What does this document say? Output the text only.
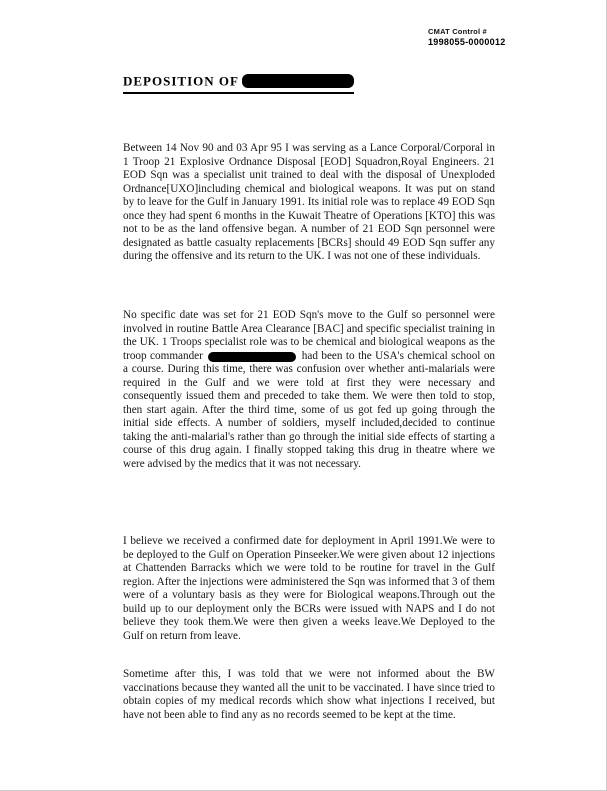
CMAT Control #
1998055-0000012
DEPOSITION OF

Between 14 Nov 90 and 03 Apr 95 I was serving as a Lance Corporal/Corporal in 1 Troop 21 Explosive Ordnance Disposal [EOD] Squadron,Royal Engineers. 21 EOD Sqn was a specialist unit trained to deal with the disposal of Unexploded Ordnance[UXO]including chemical and biological weapons. It was put on stand by to leave for the Gulf in January 1991. Its initial role was to replace 49 EOD Sqn once they had spent 6 months in the Kuwait Theatre of Operations [KTO] this was not to be as the land offensive began. A number of 21 EOD Sqn personnel were designated as battle casualty replacements [BCRs] should 49 EOD Sqn suffer any during the offensive and its return to the UK. I was not one of these individuals.

No specific date was set for 21 EOD Sqn's move to the Gulf so personnel were involved in routine Battle Area Clearance [BAC] and specific specialist training in the UK. 1 Troops specialist role was to be chemical and biological weapons as the troop commander	had been to the USA's chemical school on a course. During this time, there was confusion over whether anti-malarials were required in the Gulf and we were told at first they were necessary and consequently issued them and preceded to take them. We were then told to stop, then start again. After the third time, some of us got fed up going through the initial side effects. A number of soldiers, myself included,decided to continue taking the anti-malarial's rather than go through the initial side effects of starting a course of this drug again. I finally stopped taking this drug in theatre where we were advised by the medics that it was not necessary.

I believe we received a confirmed date for deployment in April 1991.We were to be deployed to the Gulf on Operation Pinseeker.We were given about 12 injections at Chattenden Barracks which we were told to be routine for travel in the Gulf region. After the injections were administered the Sqn was informed that 3 of them were of a voluntary basis as they were for Biological weapons.Through out the build up to our deployment only the BCRs were issued with NAPS and I do not believe they took them.We were then given a weeks leave.We Deployed to the Gulf on return from leave.

Sometime after this, I was told that we were not informed about the BW vaccinations because they wanted all the unit to be vaccinated. I have since tried to obtain copies of my medical records which show what injections I received, but have not been able to find any as no records seemed to be kept at the time.
